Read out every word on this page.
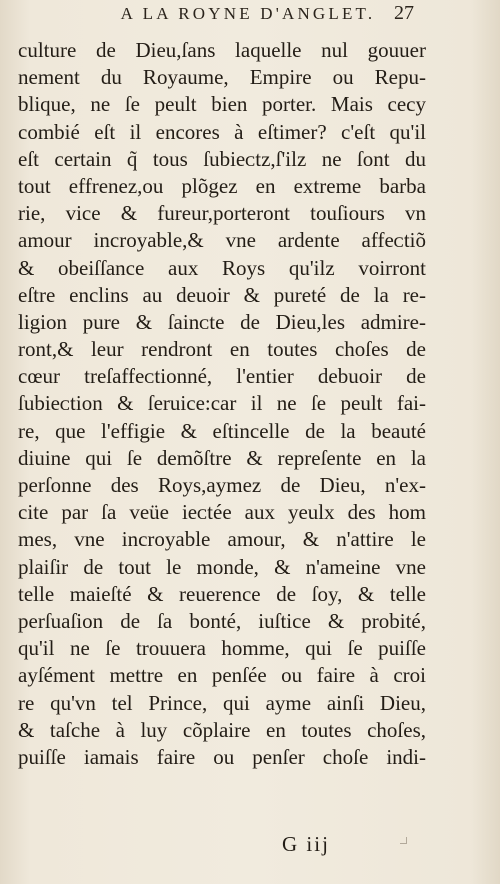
A LA ROYNE D'ANGLET. 27
culture de Dieu,ſans laquelle nul gouuer
nement du Royaume, Empire ou Repu-
blique, ne ſe peult bien porter. Mais cecy
combié eſt il encores à eſtimer? c'eſt qu'il
eſt certain q̃ tous ſubieᴄtz,ſ'ilz ne ſont du
tout effrenez,ou plõgez en extreme barba
rie, vice & fureur,porteront touſiours vn
amour incroyable,& vne ardente affeᴄtiõ
& obeiſſance aux Roys qu'ilz voirront
eſtre enclins au deuoir & pureté de la re-
ligion pure & ſainᴄte de Dieu,les admire-
ront,& leur rendront en toutes choſes de
cœur treſaffeᴄtionné, l'entier debuoir de
ſubieᴄtion & ſeruice:car il ne ſe peult fai-
re, que l'effigie & eſtincelle de la beauté
diuine qui ſe demõſtre & repreſente en la
perſonne des Roys,aymez de Dieu, n'ex-
cite par ſa veüe ieᴄtée aux yeulx des hom
mes, vne incroyable amour, & n'attire le
plaiſir de tout le monde, & n'ameine vne
telle maieſté & reuerence de ſoy, & telle
perſuaſion de ſa bonté, iuſtice & probité,
qu'il ne ſe trouuera homme, qui ſe puiſſe
ayſément mettre en penſée ou faire à croi
re qu'vn tel Prince, qui ayme ainſi Dieu,
& taſche à luy cõplaire en toutes choſes,
puiſſe iamais faire ou penſer choſe indi-
G iij
